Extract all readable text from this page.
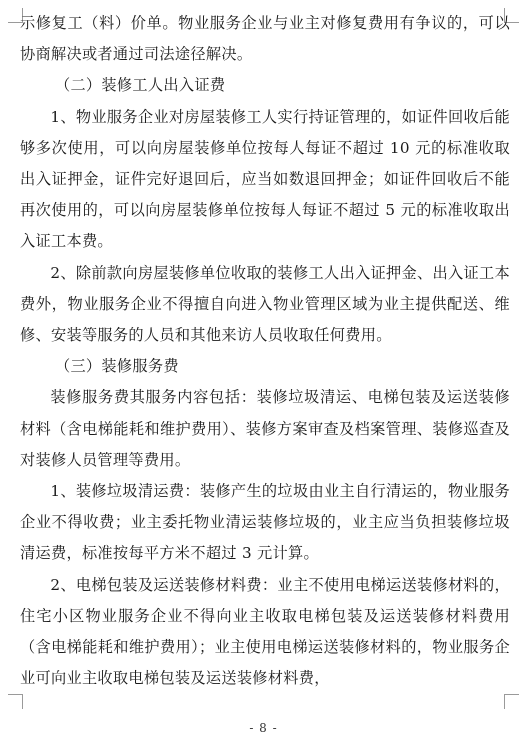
示修复工（料）价单。物业服务企业与业主对修复费用有争议的，可以协商解决或者通过司法途径解决。

（二）装修工人出入证费

1、物业服务企业对房屋装修工人实行持证管理的，如证件回收后能够多次使用，可以向房屋装修单位按每人每证不超过 10 元的标准收取出入证押金，证件完好退回后，应当如数退回押金；如证件回收后不能再次使用的，可以向房屋装修单位按每人每证不超过 5 元的标准收取出入证工本费。

2、除前款向房屋装修单位收取的装修工人出入证押金、出入证工本费外，物业服务企业不得擅自向进入物业管理区域为业主提供配送、维修、安装等服务的人员和其他来访人员收取任何费用。

（三）装修服务费

装修服务费其服务内容包括：装修垃圾清运、电梯包装及运送装修材料（含电梯能耗和维护费用）、装修方案审查及档案管理、装修巡查及对装修人员管理等费用。

1、装修垃圾清运费：装修产生的垃圾由业主自行清运的，物业服务企业不得收费；业主委托物业清运装修垃圾的，业主应当负担装修垃圾清运费，标准按每平方米不超过 3 元计算。

2、电梯包装及运送装修材料费：业主不使用电梯运送装修材料的，住宅小区物业服务企业不得向业主收取电梯包装及运送装修材料费用（含电梯能耗和维护费用）；业主使用电梯运送装修材料的，物业服务企业可向业主收取电梯包装及运送装修材料费，

- 8 -
